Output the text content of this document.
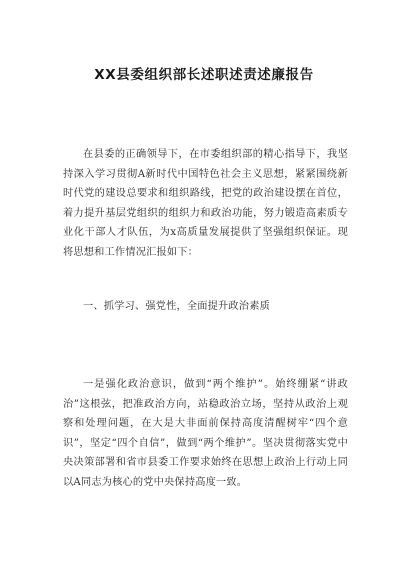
XX县委组织部长述职述责述廉报告
在县委的正确领导下，在市委组织部的精心指导下，我坚持深入学习贯彻A新时代中国特色社会主义思想，紧紧围绕新时代党的建设总要求和组织路线，把党的政治建设摆在首位，着力提升基层党组织的组织力和政治功能，努力锻造高素质专业化干部人才队伍，为x高质量发展提供了坚强组织保证。现将思想和工作情况汇报如下：
一、抓学习、强党性，全面提升政治素质
一是强化政治意识，做到“两个维护”。始终绷紧“讲政治”这根弦，把准政治方向，站稳政治立场，坚持从政治上观察和处理问题，在大是大非面前保持高度清醒树牢“四个意识”，坚定“四个自信”，做到“两个维护”。坚决贯彻落实党中央决策部署和省市县委工作要求始终在思想上政治上行动上同以A同志为核心的党中央保持高度一致。
